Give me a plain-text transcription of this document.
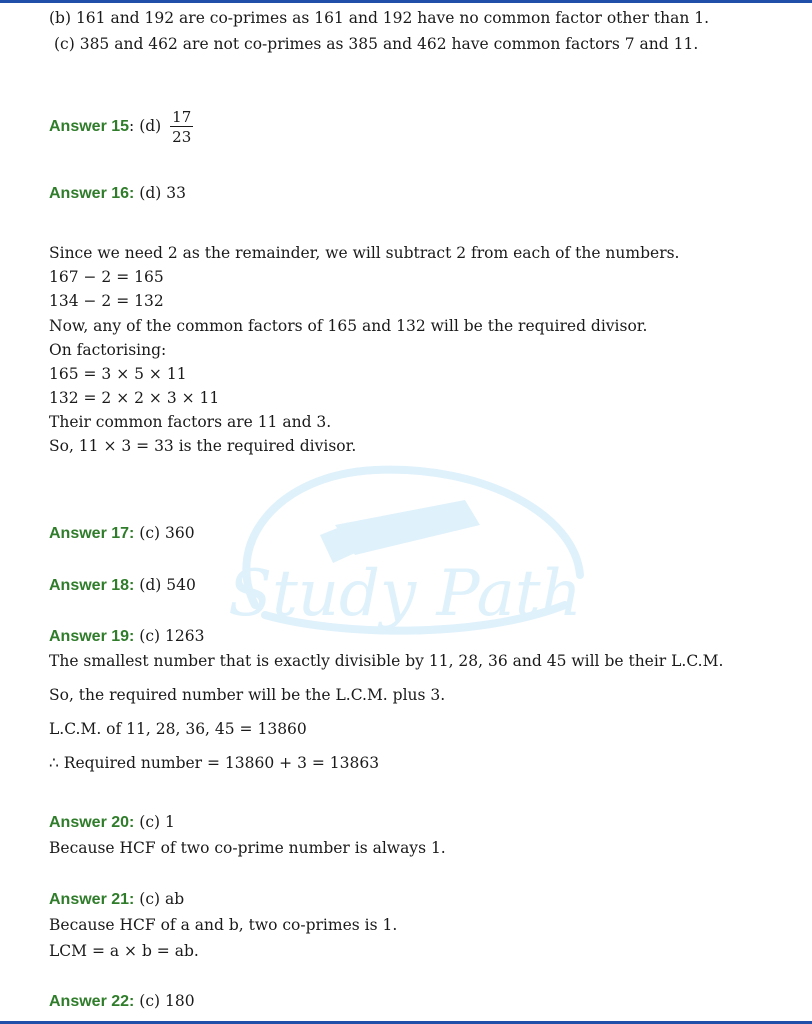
Study Path
(b) 161 and 192 are co-primes as 161 and 192 have no common factor other than 1.
(c) 385 and 462 are not co-primes as 385 and 462 have common factors 7 and 11.
Answer 15: $(d) \frac{17}{23}$
Answer 16: (d) 33
Since we need 2 as the remainder, we will subtract 2 from each of the numbers.
167 − 2 = 165
134 − 2 = 132
Now, any of the common factors of 165 and 132 will be the required divisor.
On factorising:
165 = 3 × 5 × 11
132 = 2 × 2 × 3 × 11
Their common factors are 11 and 3.
So, 11 × 3 = 33 is the required divisor.
Answer 17: (c) 360
Answer 18: (d) 540
Answer 19: (c) 1263
The smallest number that is exactly divisible by 11, 28, 36 and 45 will be their L.C.M.
So, the required number will be the L.C.M. plus 3.
L.C.M. of 11, 28, 36, 45 = 13860
∴ Required number = 13860 + 3 = 13863
Answer 20: (c) 1
Because HCF of two co-prime number is always 1.
Answer 21: (c) ab
Because HCF of a and b, two co-primes is 1.
LCM = a × b = ab.
Answer 22: (c) 180
